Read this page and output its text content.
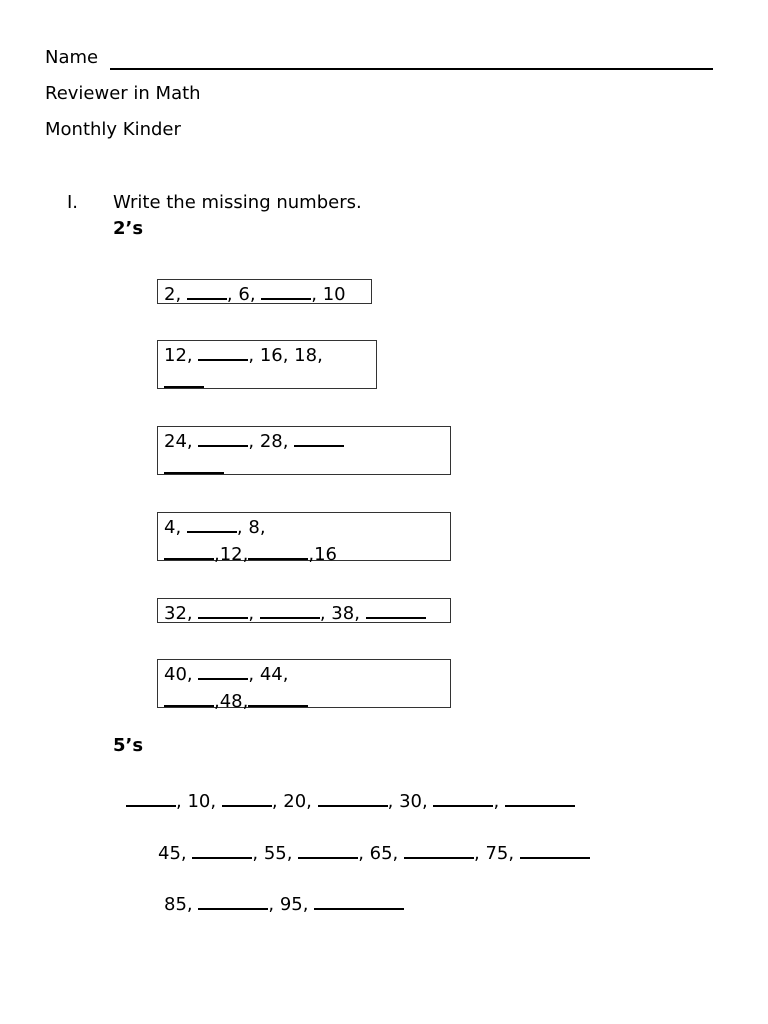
Name
Reviewer in Math
Monthly Kinder
I. Write the missing numbers.
2’s
2,	, 6,	, 10
12,	, 16, 18,
24,	, 28,
4,	, 8,
,12,	,16
32,	,	, 38,
40,	, 44,
,48,
5’s
, 10,	, 20,	, 30,	,
45,	, 55,	, 65,	, 75,
85,	, 95,
